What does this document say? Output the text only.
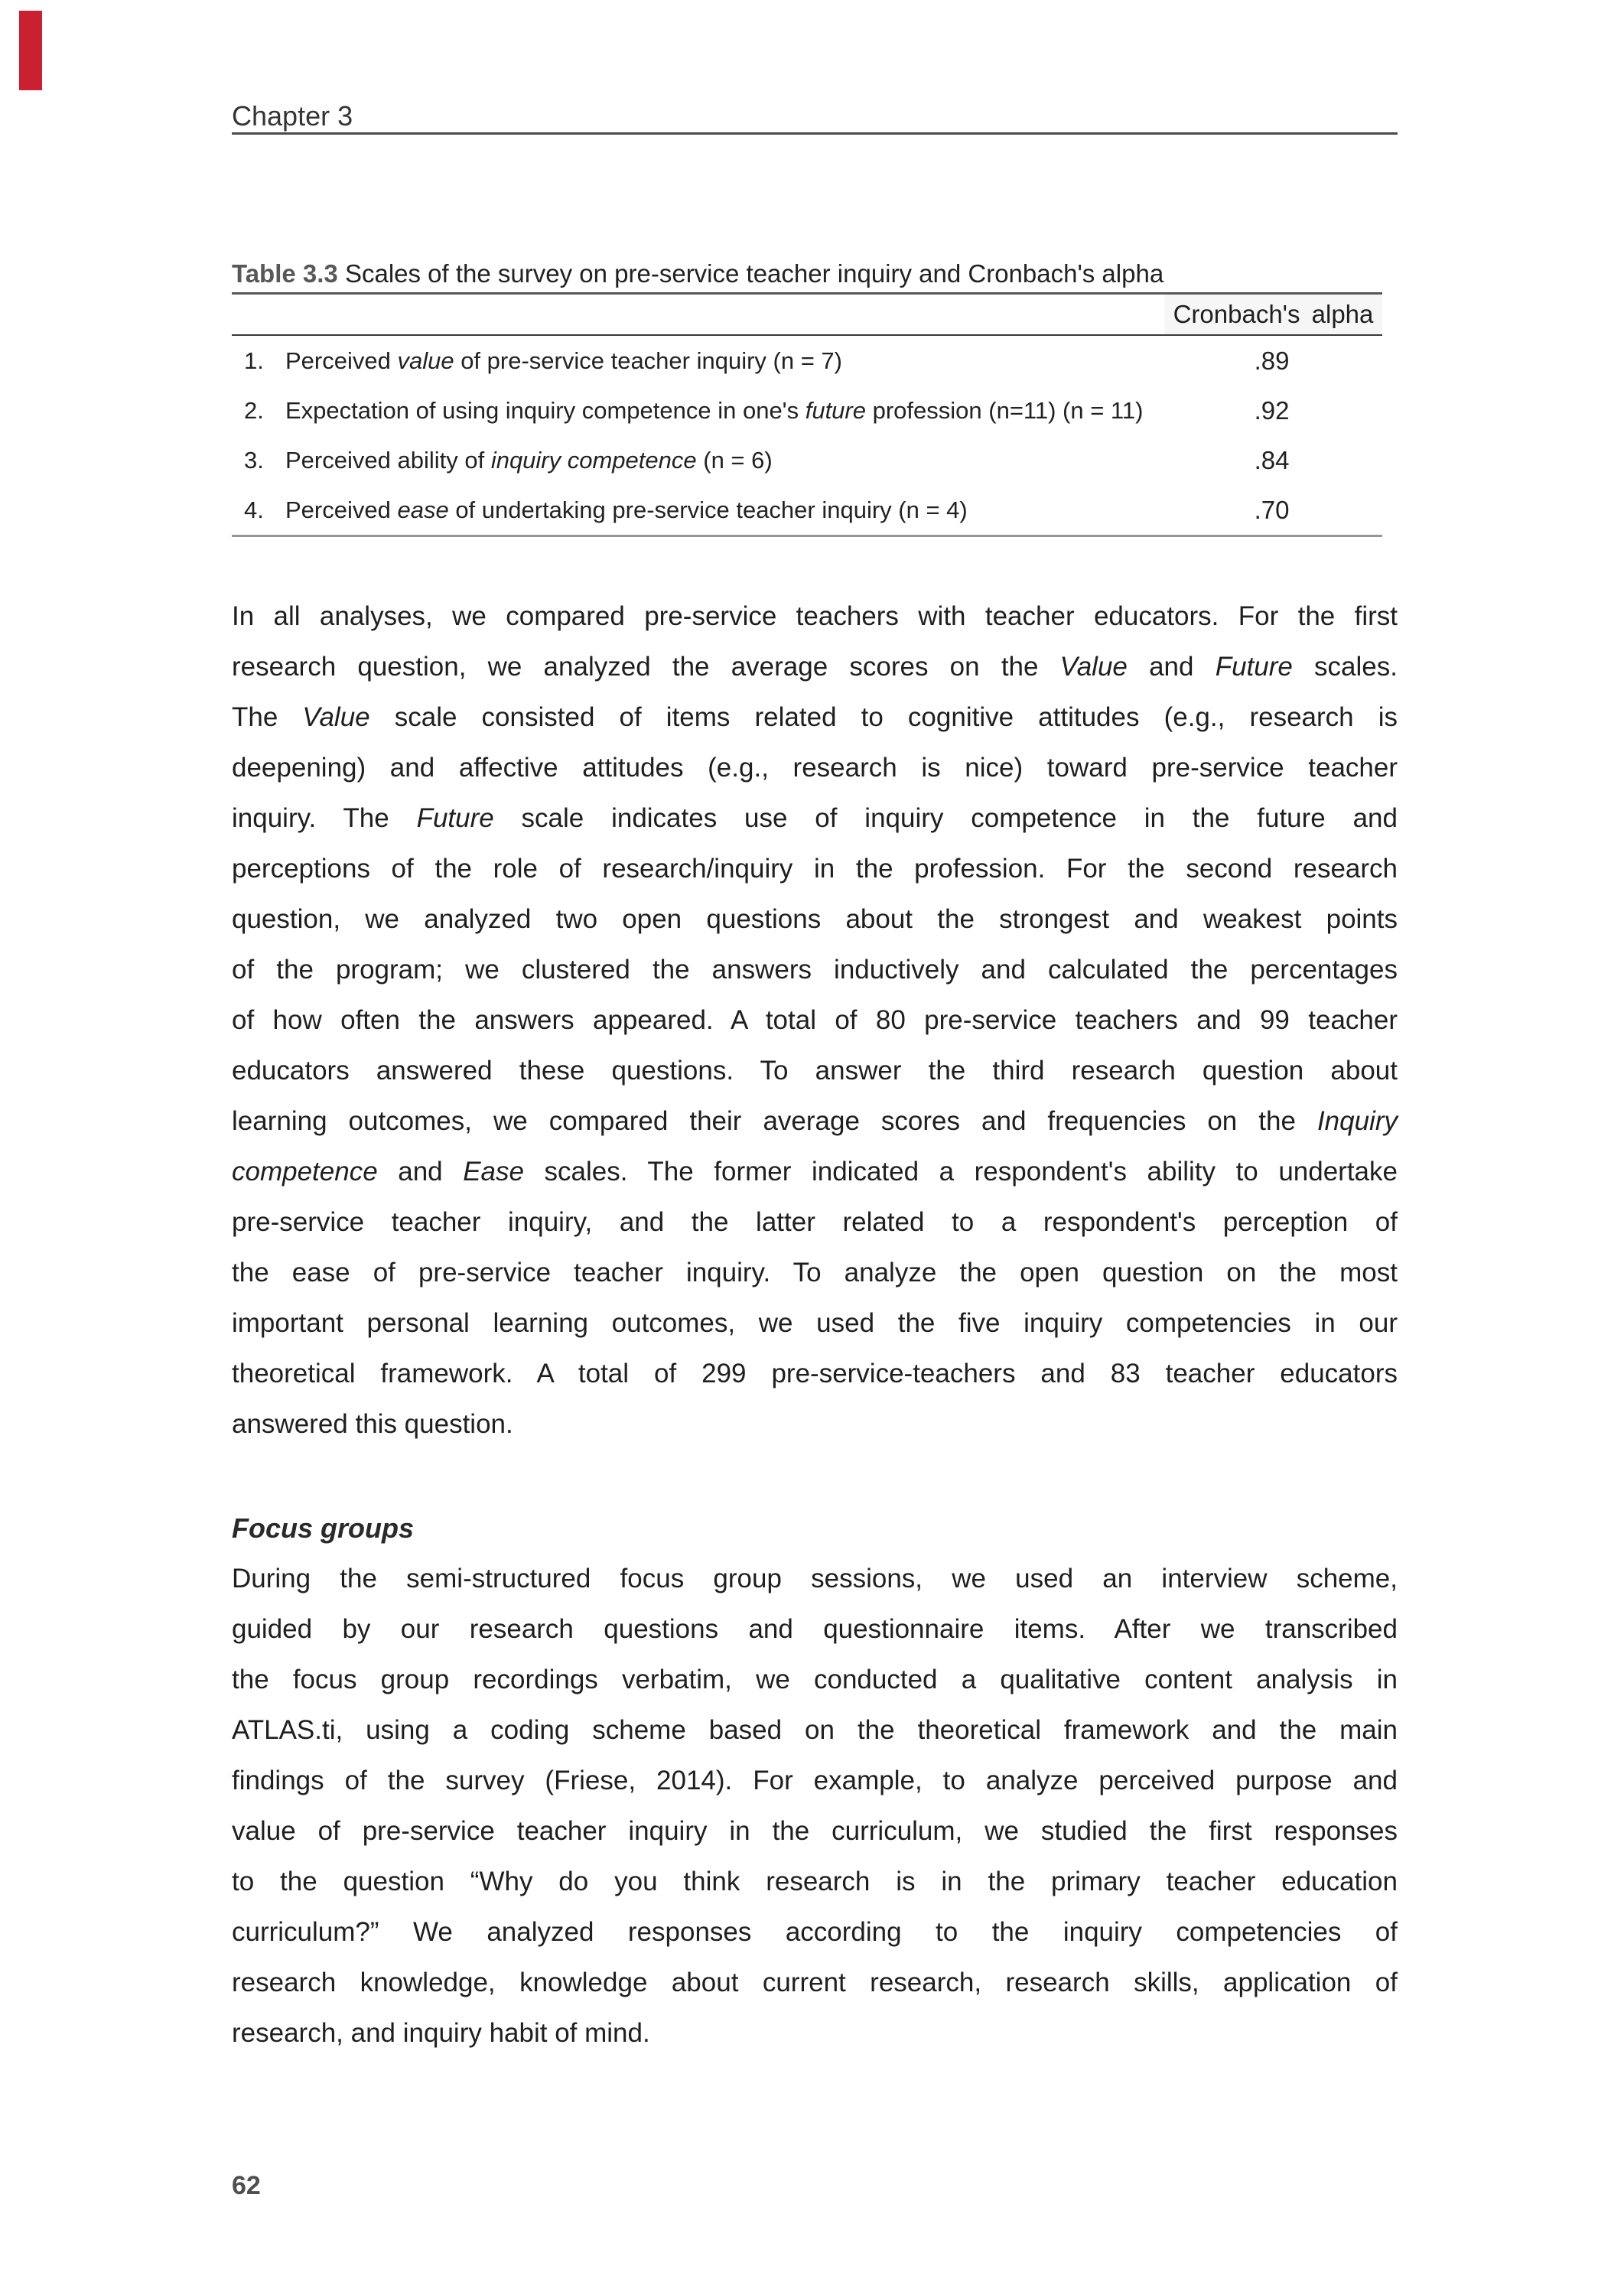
Chapter 3
Table 3.3 Scales of the survey on pre-service teacher inquiry and Cronbach's alpha
Cronbach's alpha
1. Perceived value of pre-service teacher inquiry (n = 7)	.89
2. Expectation of using inquiry competence in one's future profession (n=11) (n = 11)	.92
3. Perceived ability of inquiry competence (n = 6)	.84
4. Perceived ease of undertaking pre-service teacher inquiry (n = 4)	.70
In all analyses, we compared pre-service teachers with teacher educators. For the first
research question, we analyzed the average scores on the Value and Future scales.
The Value scale consisted of items related to cognitive attitudes (e.g., research is
deepening) and affective attitudes (e.g., research is nice) toward pre-service teacher
inquiry. The Future scale indicates use of inquiry competence in the future and
perceptions of the role of research/inquiry in the profession. For the second research
question, we analyzed two open questions about the strongest and weakest points
of the program; we clustered the answers inductively and calculated the percentages
of how often the answers appeared. A total of 80 pre-service teachers and 99 teacher
educators answered these questions. To answer the third research question about
learning outcomes, we compared their average scores and frequencies on the Inquiry
competence and Ease scales. The former indicated a respondent's ability to undertake
pre-service teacher inquiry, and the latter related to a respondent's perception of
the ease of pre-service teacher inquiry. To analyze the open question on the most
important personal learning outcomes, we used the five inquiry competencies in our
theoretical framework. A total of 299 pre-service-teachers and 83 teacher educators
answered this question.
Focus groups
During the semi-structured focus group sessions, we used an interview scheme,
guided by our research questions and questionnaire items. After we transcribed
the focus group recordings verbatim, we conducted a qualitative content analysis in
ATLAS.ti, using a coding scheme based on the theoretical framework and the main
findings of the survey (Friese, 2014). For example, to analyze perceived purpose and
value of pre-service teacher inquiry in the curriculum, we studied the first responses
to the question “Why do you think research is in the primary teacher education
curriculum?” We analyzed responses according to the inquiry competencies of
research knowledge, knowledge about current research, research skills, application of
research, and inquiry habit of mind.
62
